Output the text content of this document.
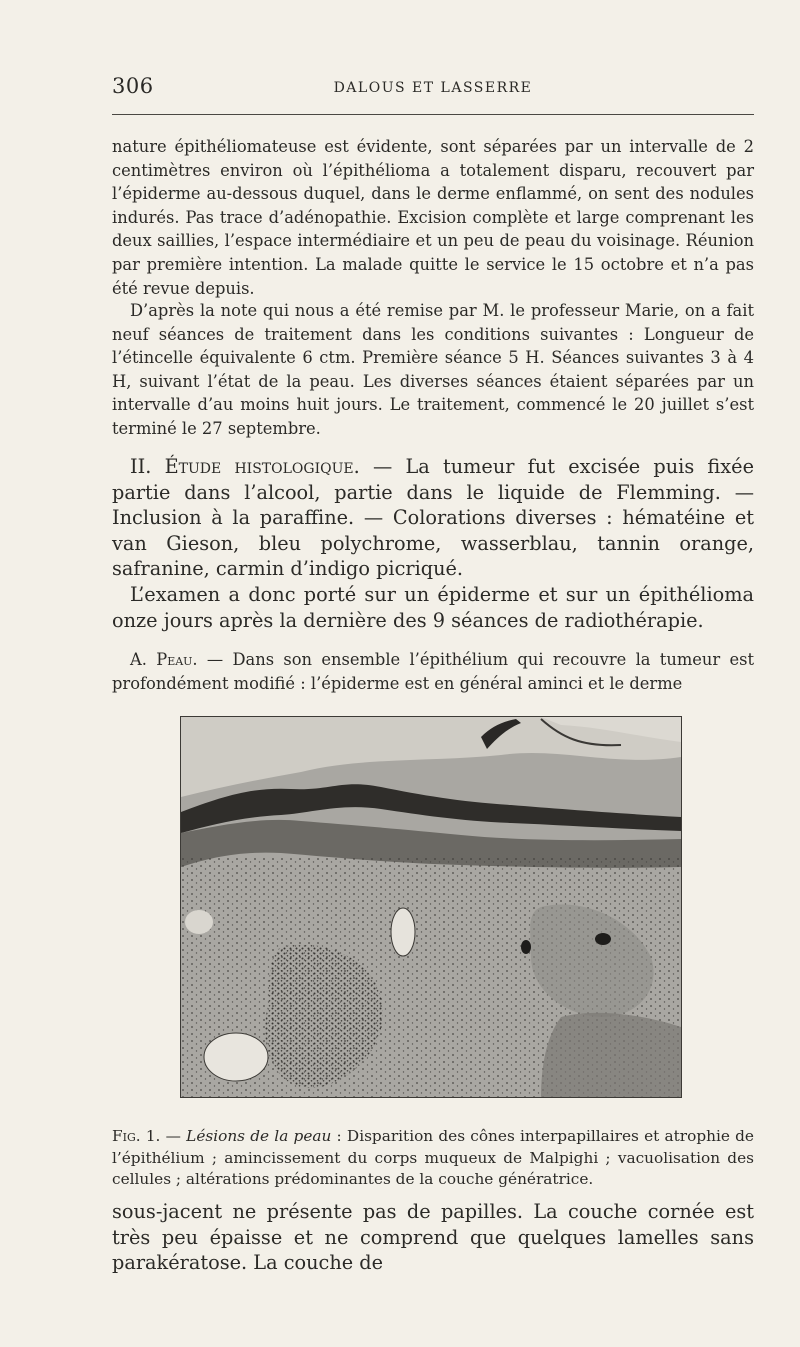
306	DALOUS ET LASSERRE

nature épithéliomateuse est évidente, sont séparées par un intervalle de 2 centimètres environ où l’épithélioma a totalement disparu, recouvert par l’épiderme au-dessous duquel, dans le derme enflammé, on sent des nodules indurés. Pas trace d’adénopathie. Excision complète et large comprenant les deux saillies, l’espace intermédiaire et un peu de peau du voisinage. Réunion par première intention. La malade quitte le service le 15 octobre et n’a pas été revue depuis.

D’après la note qui nous a été remise par M. le professeur Marie, on a fait neuf séances de traitement dans les conditions suivantes : Longueur de l’étincelle équivalente 6 ctm. Première séance 5 H. Séances suivantes 3 à 4 H, suivant l’état de la peau. Les diverses séances étaient séparées par un intervalle d’au moins huit jours. Le traitement, commencé le 20 juillet s’est terminé le 27 septembre.

II. Étude histologique. — La tumeur fut excisée puis fixée partie dans l’alcool, partie dans le liquide de Flemming. — Inclusion à la paraffine. — Colorations diverses : hématéine et van Gieson, bleu polychrome, wasserblau, tannin orange, safranine, carmin d’indigo picriqué.

L’examen a donc porté sur un épiderme et sur un épithélioma onze jours après la dernière des 9 séances de radiothérapie.

A. Peau. — Dans son ensemble l’épithélium qui recouvre la tumeur est profondément modifié : l’épiderme est en général aminci et le derme

Fig. 1. — Lésions de la peau : Disparition des cônes interpapillaires et atrophie de l’épithélium ; amincissement du corps muqueux de Malpighi ; vacuolisation des cellules ; altérations prédominantes de la couche génératrice.

sous-jacent ne présente pas de papilles. La couche cornée est très peu épaisse et ne comprend que quelques lamelles sans parakératose. La couche de
